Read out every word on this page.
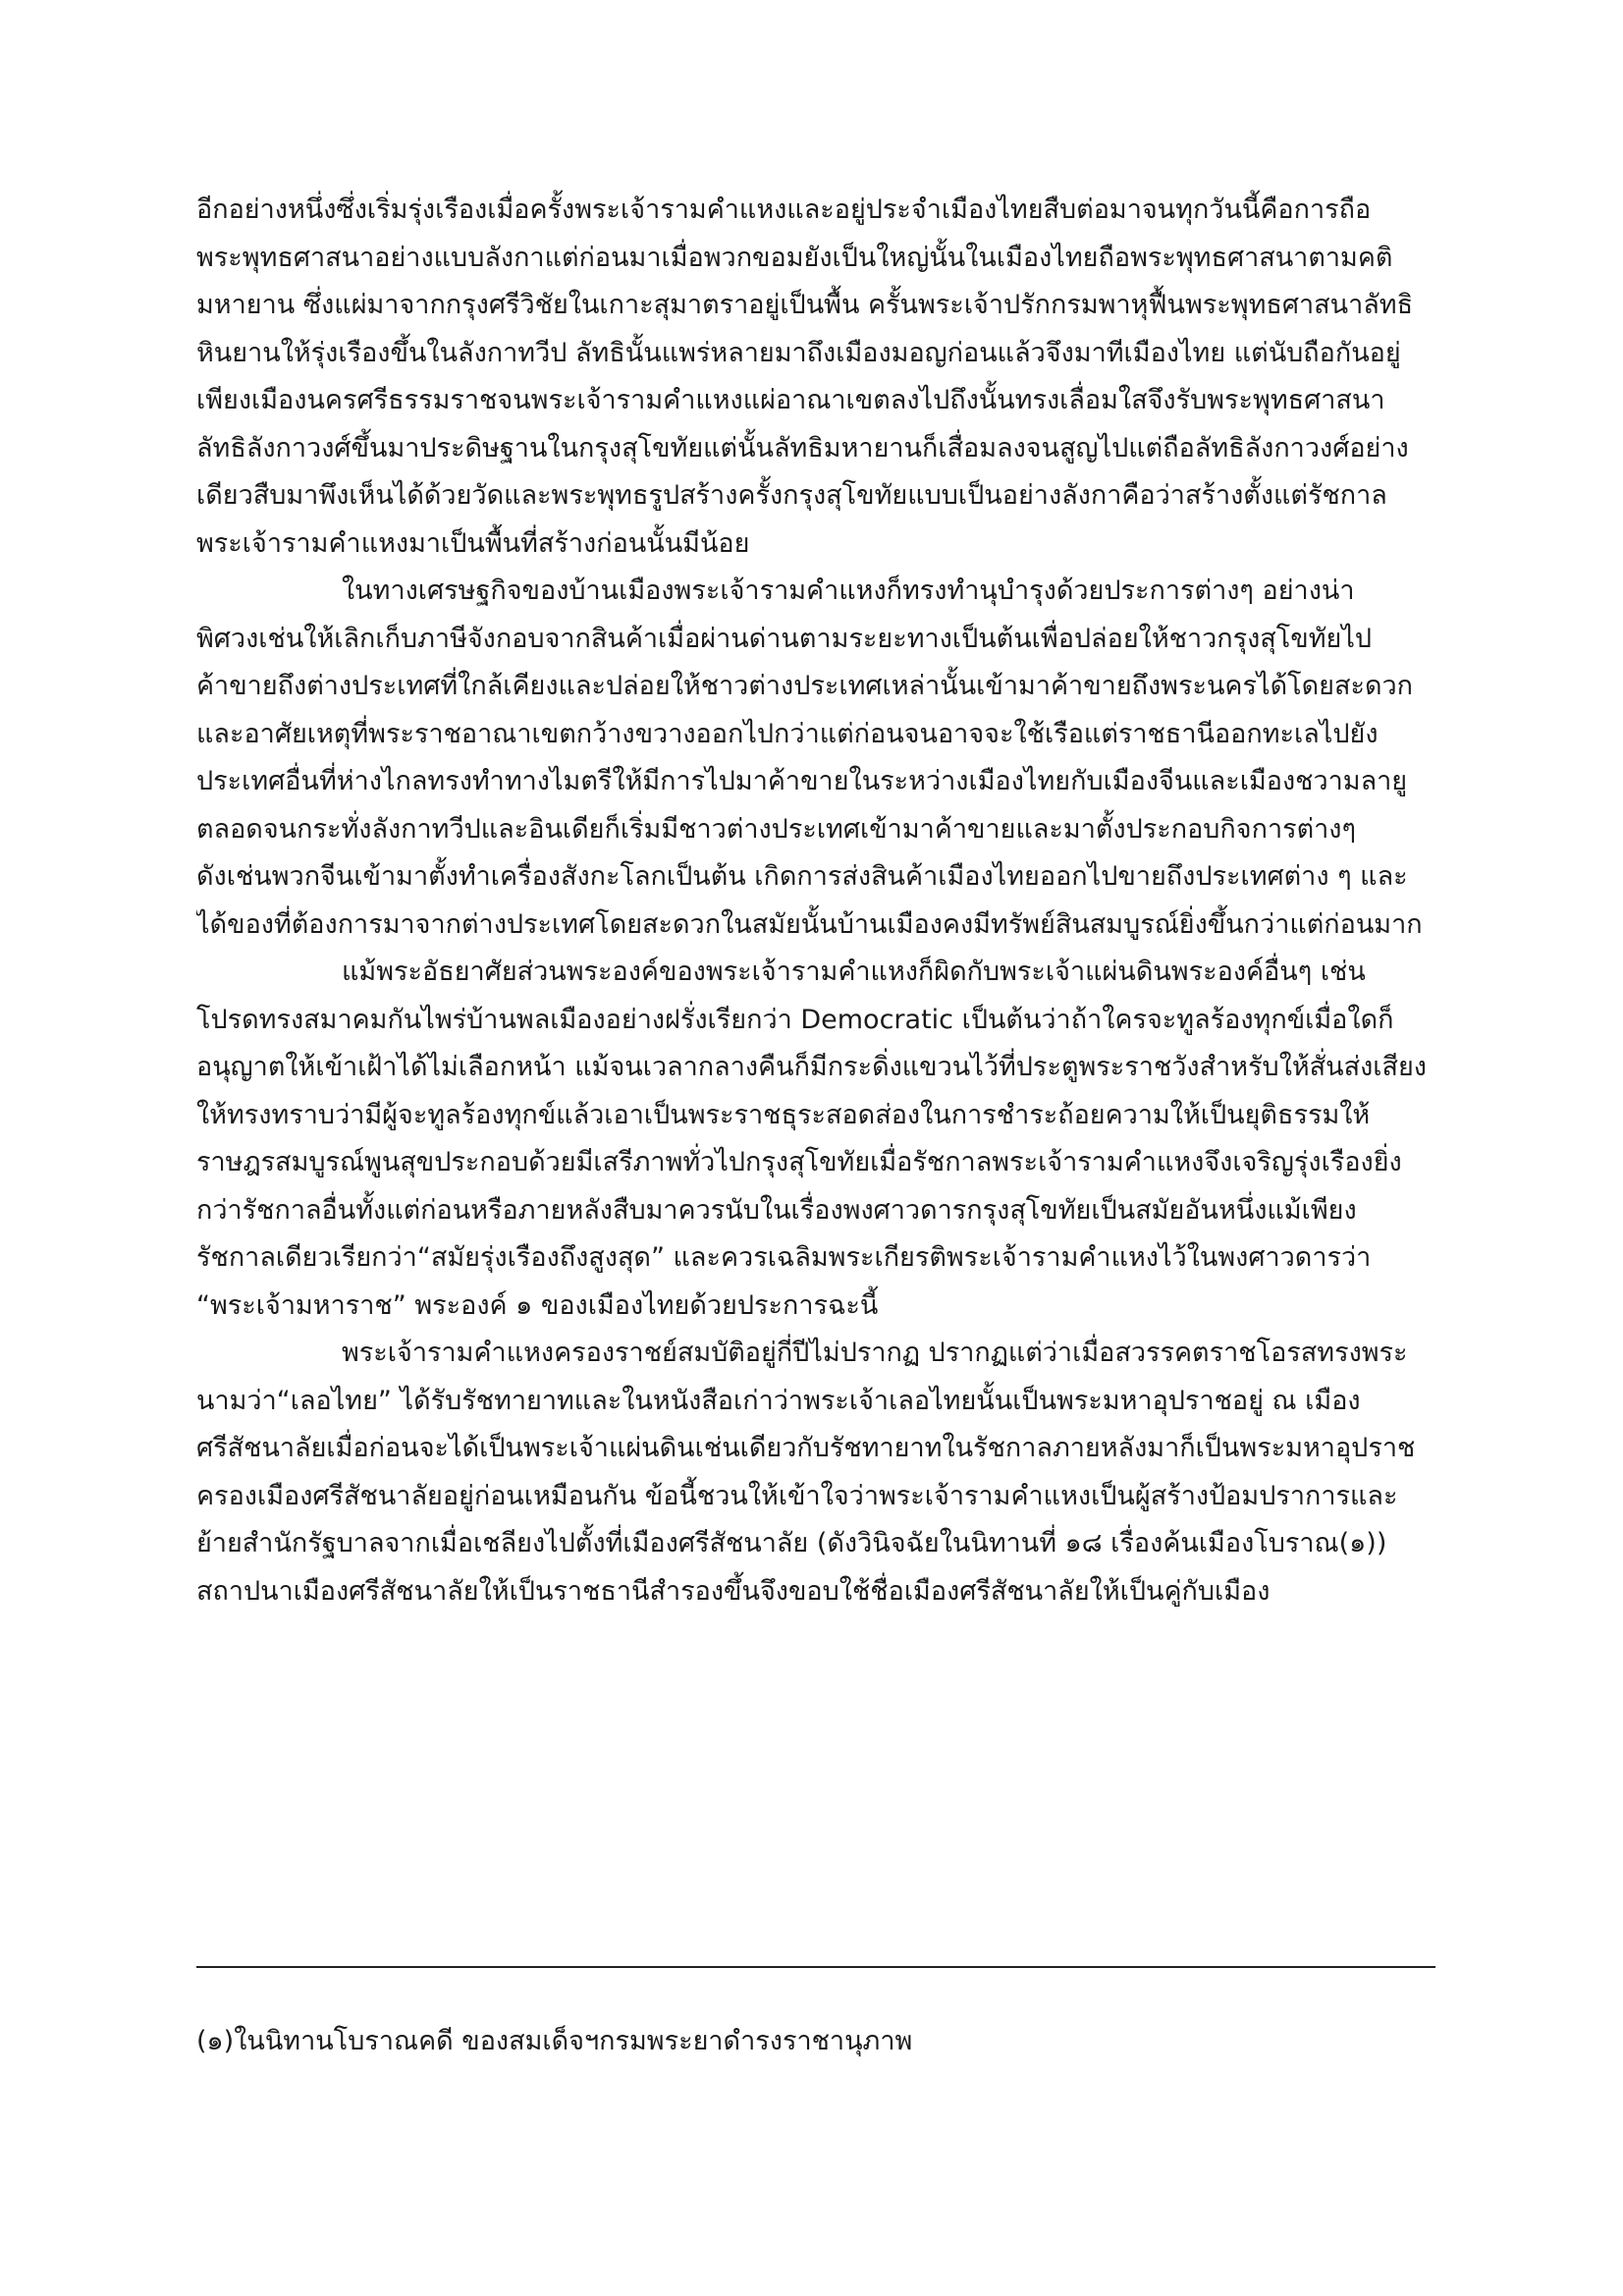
อีกอย่างหนึ่งซึ่งเริ่มรุ่งเรืองเมื่อครั้งพระเจ้ารามคำแหงและอยู่ประจำเมืองไทยสืบต่อมาจนทุกวันนี้คือการถือ
พระพุทธศาสนาอย่างแบบลังกาแต่ก่อนมาเมื่อพวกขอมยังเป็นใหญ่นั้นในเมืองไทยถือพระพุทธศาสนาตามคติ
มหายาน ซึ่งแผ่มาจากกรุงศรีวิชัยในเกาะสุมาตราอยู่เป็นพื้น ครั้นพระเจ้าปรักกรมพาหุฟื้นพระพุทธศาสนาลัทธิ
หินยานให้รุ่งเรืองขึ้นในลังกาทวีป ลัทธินั้นแพร่หลายมาถึงเมืองมอญก่อนแล้วจึงมาทีเมืองไทย แต่นับถือกันอยู่
เพียงเมืองนครศรีธรรมราชจนพระเจ้ารามคำแหงแผ่อาณาเขตลงไปถึงนั้นทรงเลื่อมใสจึงรับพระพุทธศาสนา
ลัทธิลังกาวงศ์ขึ้นมาประดิษฐานในกรุงสุโขทัยแต่นั้นลัทธิมหายานก็เสื่อมลงจนสูญไปแต่ถือลัทธิลังกาวงศ์อย่าง
เดียวสืบมาพึงเห็นได้ด้วยวัดและพระพุทธรูปสร้างครั้งกรุงสุโขทัยแบบเป็นอย่างลังกาคือว่าสร้างตั้งแต่รัชกาล
พระเจ้ารามคำแหงมาเป็นพื้นที่สร้างก่อนนั้นมีน้อย
ในทางเศรษฐกิจของบ้านเมืองพระเจ้ารามคำแหงก็ทรงทำนุบำรุงด้วยประการต่างๆ อย่างน่า
พิศวงเช่นให้เลิกเก็บภาษีจังกอบจากสินค้าเมื่อผ่านด่านตามระยะทางเป็นต้นเพื่อปล่อยให้ชาวกรุงสุโขทัยไป
ค้าขายถึงต่างประเทศที่ใกล้เคียงและปล่อยให้ชาวต่างประเทศเหล่านั้นเข้ามาค้าขายถึงพระนครได้โดยสะดวก
และอาศัยเหตุที่พระราชอาณาเขตกว้างขวางออกไปกว่าแต่ก่อนจนอาจจะใช้เรือแต่ราชธานีออกทะเลไปยัง
ประเทศอื่นที่ห่างไกลทรงทำทางไมตรีให้มีการไปมาค้าขายในระหว่างเมืองไทยกับเมืองจีนและเมืองชวามลายู
ตลอดจนกระทั่งลังกาทวีปและอินเดียก็เริ่มมีชาวต่างประเทศเข้ามาค้าขายและมาตั้งประกอบกิจการต่างๆ
ดังเช่นพวกจีนเข้ามาตั้งทำเครื่องสังกะโลกเป็นต้น เกิดการส่งสินค้าเมืองไทยออกไปขายถึงประเทศต่าง ๆ และ
ได้ของที่ต้องการมาจากต่างประเทศโดยสะดวกในสมัยนั้นบ้านเมืองคงมีทรัพย์สินสมบูรณ์ยิ่งขึ้นกว่าแต่ก่อนมาก
แม้พระอัธยาศัยส่วนพระองค์ของพระเจ้ารามคำแหงก็ผิดกับพระเจ้าแผ่นดินพระองค์อื่นๆ เช่น
โปรดทรงสมาคมกันไพร่บ้านพลเมืองอย่างฝรั่งเรียกว่า Democratic เป็นต้นว่าถ้าใครจะทูลร้องทุกข์เมื่อใดก็
อนุญาตให้เข้าเฝ้าได้ไม่เลือกหน้า แม้จนเวลากลางคืนก็มีกระดิ่งแขวนไว้ที่ประตูพระราชวังสำหรับให้สั่นส่งเสียง
ให้ทรงทราบว่ามีผู้จะทูลร้องทุกข์แล้วเอาเป็นพระราชธุระสอดส่องในการชำระถ้อยความให้เป็นยุติธรรมให้
ราษฎรสมบูรณ์พูนสุขประกอบด้วยมีเสรีภาพทั่วไปกรุงสุโขทัยเมื่อรัชกาลพระเจ้ารามคำแหงจึงเจริญรุ่งเรืองยิ่ง
กว่ารัชกาลอื่นทั้งแต่ก่อนหรือภายหลังสืบมาควรนับในเรื่องพงศาวดารกรุงสุโขทัยเป็นสมัยอันหนึ่งแม้เพียง
รัชกาลเดียวเรียกว่า“สมัยรุ่งเรืองถึงสูงสุด” และควรเฉลิมพระเกียรติพระเจ้ารามคำแหงไว้ในพงศาวดารว่า
“พระเจ้ามหาราช” พระองค์ ๑ ของเมืองไทยด้วยประการฉะนี้
พระเจ้ารามคำแหงครองราชย์สมบัติอยู่กี่ปีไม่ปรากฏ ปรากฏแต่ว่าเมื่อสวรรคตราชโอรสทรงพระ
นามว่า“เลอไทย” ได้รับรัชทายาทและในหนังสือเก่าว่าพระเจ้าเลอไทยนั้นเป็นพระมหาอุปราชอยู่ ณ เมือง
ศรีสัชนาลัยเมื่อก่อนจะได้เป็นพระเจ้าแผ่นดินเช่นเดียวกับรัชทายาทในรัชกาลภายหลังมาก็เป็นพระมหาอุปราช
ครองเมืองศรีสัชนาลัยอยู่ก่อนเหมือนกัน ข้อนี้ชวนให้เข้าใจว่าพระเจ้ารามคำแหงเป็นผู้สร้างป้อมปราการและ
ย้ายสำนักรัฐบาลจากเมื่อเชลียงไปตั้งที่เมืองศรีสัชนาลัย (ดังวินิจฉัยในนิทานที่ ๑๘ เรื่องค้นเมืองโบราณ(๑))
สถาปนาเมืองศรีสัชนาลัยให้เป็นราชธานีสำรองขึ้นจึงขอบใช้ชื่อเมืองศรีสัชนาลัยให้เป็นคู่กับเมือง
(๑)ในนิทานโบราณคดี ของสมเด็จฯกรมพระยาดำรงราชานุภาพ
